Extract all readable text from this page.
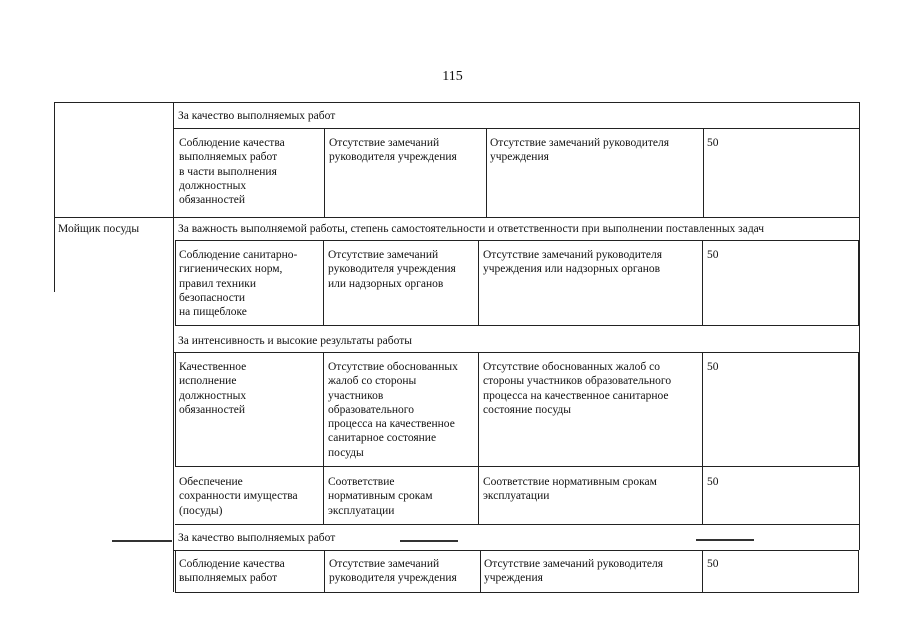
115
Мойщик посуды
За качество выполняемых работ
Соблюдение качества
выполняемых работ
в части выполнения
должностных
обязанностей
Отсутствие замечаний
руководителя учреждения
Отсутствие замечаний руководителя
учреждения
50
За важность выполняемой работы, степень самостоятельности и ответственности при выполнении поставленных задач
Соблюдение санитарно-
гигиенических норм,
правил техники
безопасности
на пищеблоке
Отсутствие замечаний
руководителя учреждения
или надзорных органов
Отсутствие замечаний руководителя
учреждения или надзорных органов
50
За интенсивность и высокие результаты работы
Качественное
исполнение
должностных
обязанностей
Отсутствие обоснованных
жалоб со стороны
участников
образовательного
процесса на качественное
санитарное состояние
посуды
Отсутствие обоснованных жалоб со
стороны участников образовательного
процесса на качественное санитарное
состояние посуды
50
Обеспечение
сохранности имущества
(посуды)
Соответствие
нормативным срокам
эксплуатации
Соответствие нормативным срокам
эксплуатации
50
За качество выполняемых работ
Соблюдение качества
выполняемых работ
Отсутствие замечаний
руководителя учреждения
Отсутствие замечаний руководителя
учреждения
50
